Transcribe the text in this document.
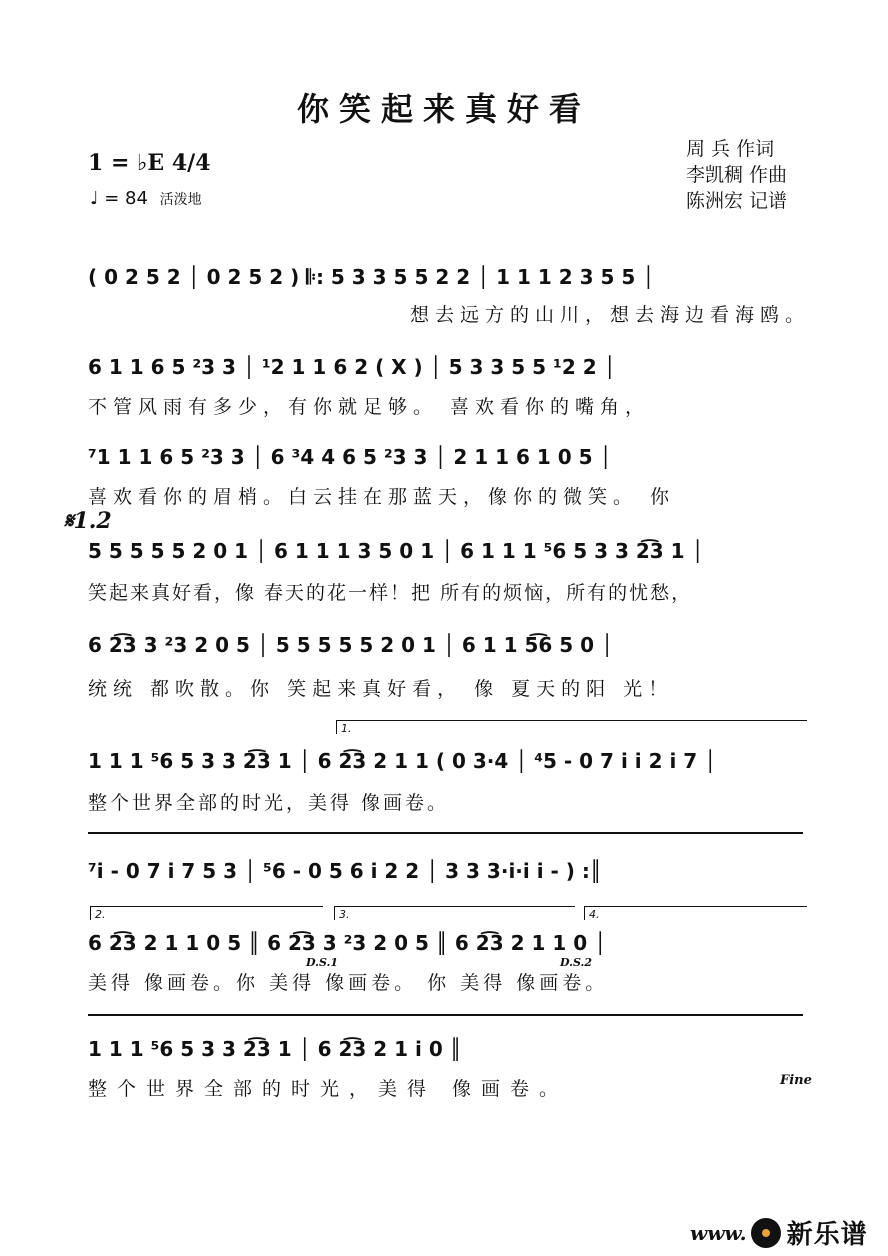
你笑起来真好看
1 = ♭E 4/4
♩ = 84 活泼地
周 兵 作词
李凯稠 作曲
陈洲宏 记谱
( 0 2 5 2 │ 0 2 5 2 ) 𝄆: 5 3 3 5 5 2 2 │ 1 1 1 2 3 5 5 │
想去远方的山川，想去海边看海鸥。
6 1 1 6 5 ²3 3 │ ¹2 1 1 6 2 ( X ) │ 5 3 3 5 5 ¹2 2 │
不管风雨有多少，有你就足够。 喜欢看你的嘴角，
⁷1 1 1 6 5 ²3 3 │ 6 ³4 4 6 5 ²3 3 │ 2 1 1 6 1 0 5 │
喜欢看你的眉梢。白云挂在那蓝天，像你的微笑。 你
𝄋1.2
5 5 5 5 5 2 0 1 │ 6 1 1 1 3 5 0 1 │ 6 1 1 1 ⁵6 5 3 3 2͡3 1 │
笑起来真好看，像 春天的花一样！把 所有的烦恼，所有的忧愁，
6 2͡3 3 ²3 2 0 5 │ 5 5 5 5 5 2 0 1 │ 6 1 1 5͡6 5 0 │
统统 都吹散。你 笑起来真好看， 像 夏天的阳 光！
1.
1 1 1 ⁵6 5 3 3 2͡3 1 │ 6 2͡3 2 1 1 ( 0 3·4 │ ⁴5 - 0 7 i i 2 i 7 │
整个世界全部的时光，美得 像画卷。
⁷i - 0 7 i 7 5 3 │ ⁵6 - 0 5 6 i 2 2 │ 3 3 3·i·i i - ) :║
2.	3.	4.
6 2͡3 2 1 1 0 5 ║ 6 2͡3 3 ²3 2 0 5 ║ 6 2͡3 2 1 1 0 │
D.S.1	D.S.2
美得 像画卷。你 美得 像画卷。 你 美得 像画卷。
1 1 1 ⁵6 5 3 3 2͡3 1 │ 6 2͡3 2 1 i̇ 0 ║
整个世界全部的时光，美得 像画卷。	Fine
www. 新乐谱
